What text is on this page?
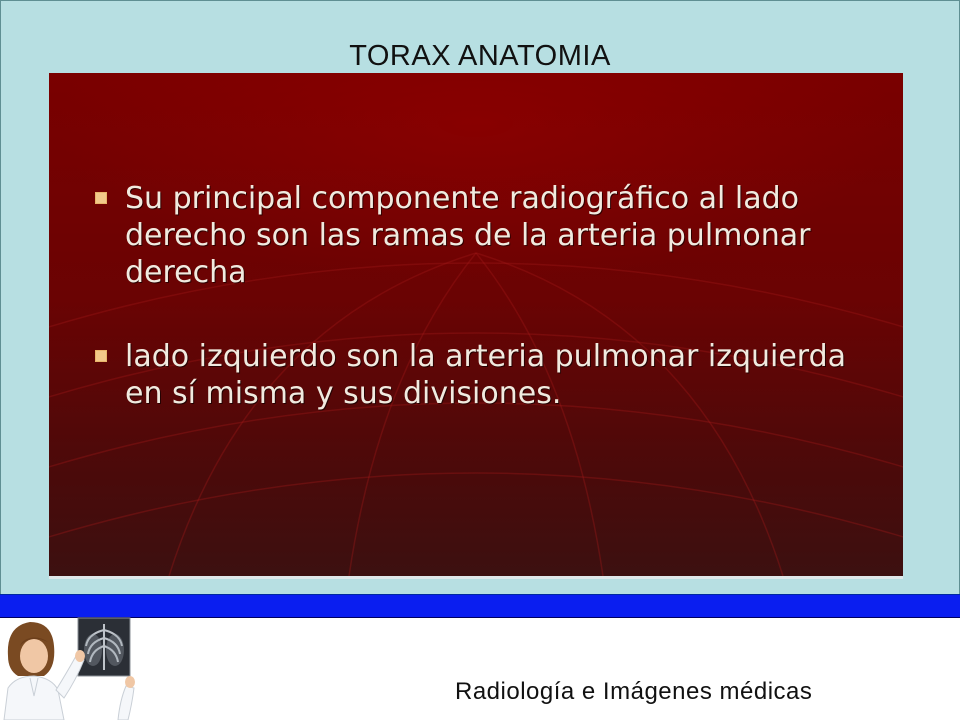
TORAX ANATOMIA
Su principal componente radiográfico al lado derecho son las ramas de la arteria pulmonar derecha
lado izquierdo son la arteria pulmonar izquierda en sí misma y sus divisiones.
Radiología e Imágenes médicas
